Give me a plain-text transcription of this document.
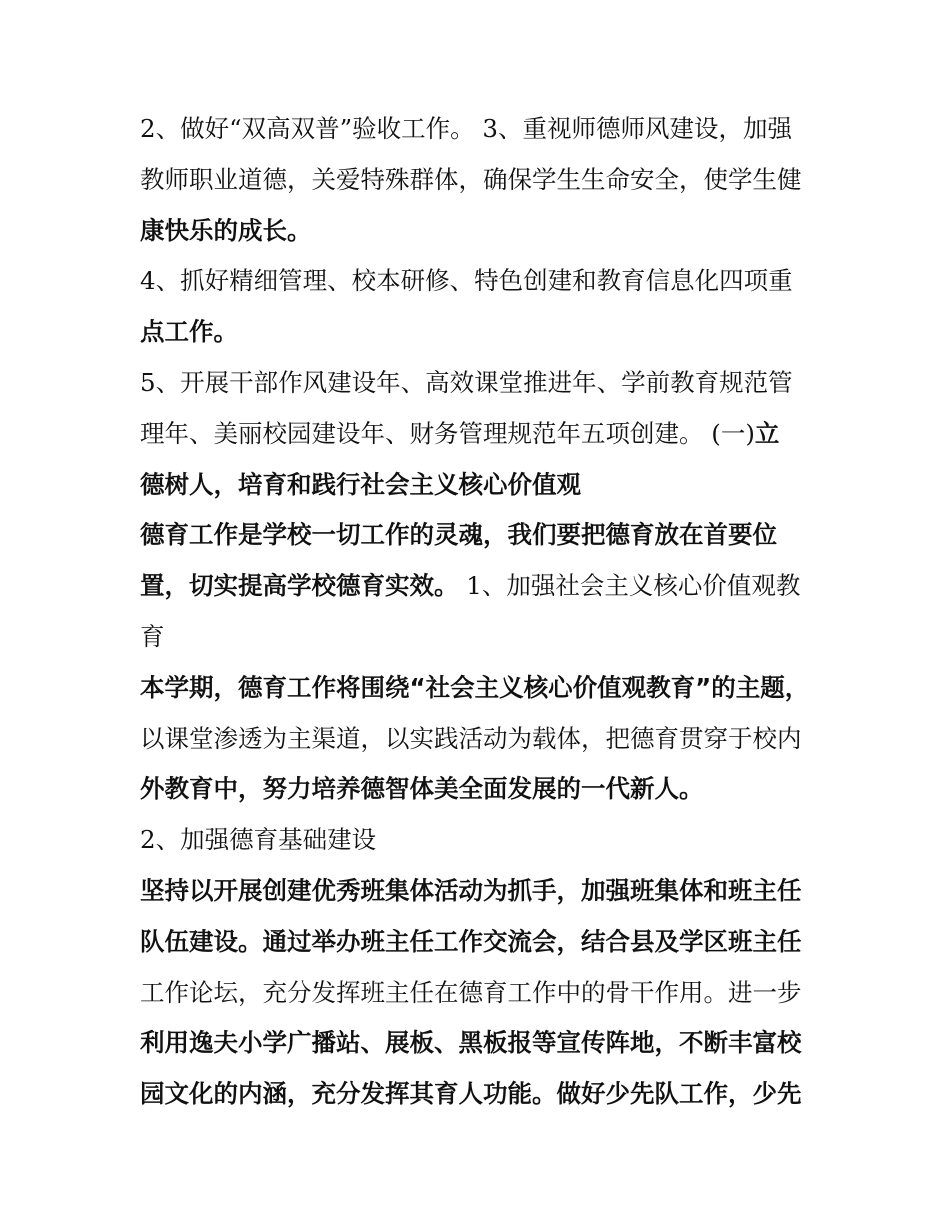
2、做好“双高双普”验收工作。 3、重视师德师风建设，加强
教师职业道德，关爱特殊群体，确保学生生命安全，使学生健
康快乐的成长。
4、抓好精细管理、校本研修、特色创建和教育信息化四项重
点工作。
5、开展干部作风建设年、高效课堂推进年、学前教育规范管
理年、美丽校园建设年、财务管理规范年五项创建。 (一)立
德树人，培育和践行社会主义核心价值观
德育工作是学校一切工作的灵魂，我们要把德育放在首要位
置，切实提高学校德育实效。 1、加强社会主义核心价值观教
育
本学期，德育工作将围绕“社会主义核心价值观教育”的主题，
以课堂渗透为主渠道，以实践活动为载体，把德育贯穿于校内
外教育中，努力培养德智体美全面发展的一代新人。
2、加强德育基础建设
坚持以开展创建优秀班集体活动为抓手，加强班集体和班主任
队伍建设。通过举办班主任工作交流会，结合县及学区班主任
工作论坛，充分发挥班主任在德育工作中的骨干作用。进一步
利用逸夫小学广播站、展板、黑板报等宣传阵地，不断丰富校
园文化的内涵，充分发挥其育人功能。做好少先队工作，少先
